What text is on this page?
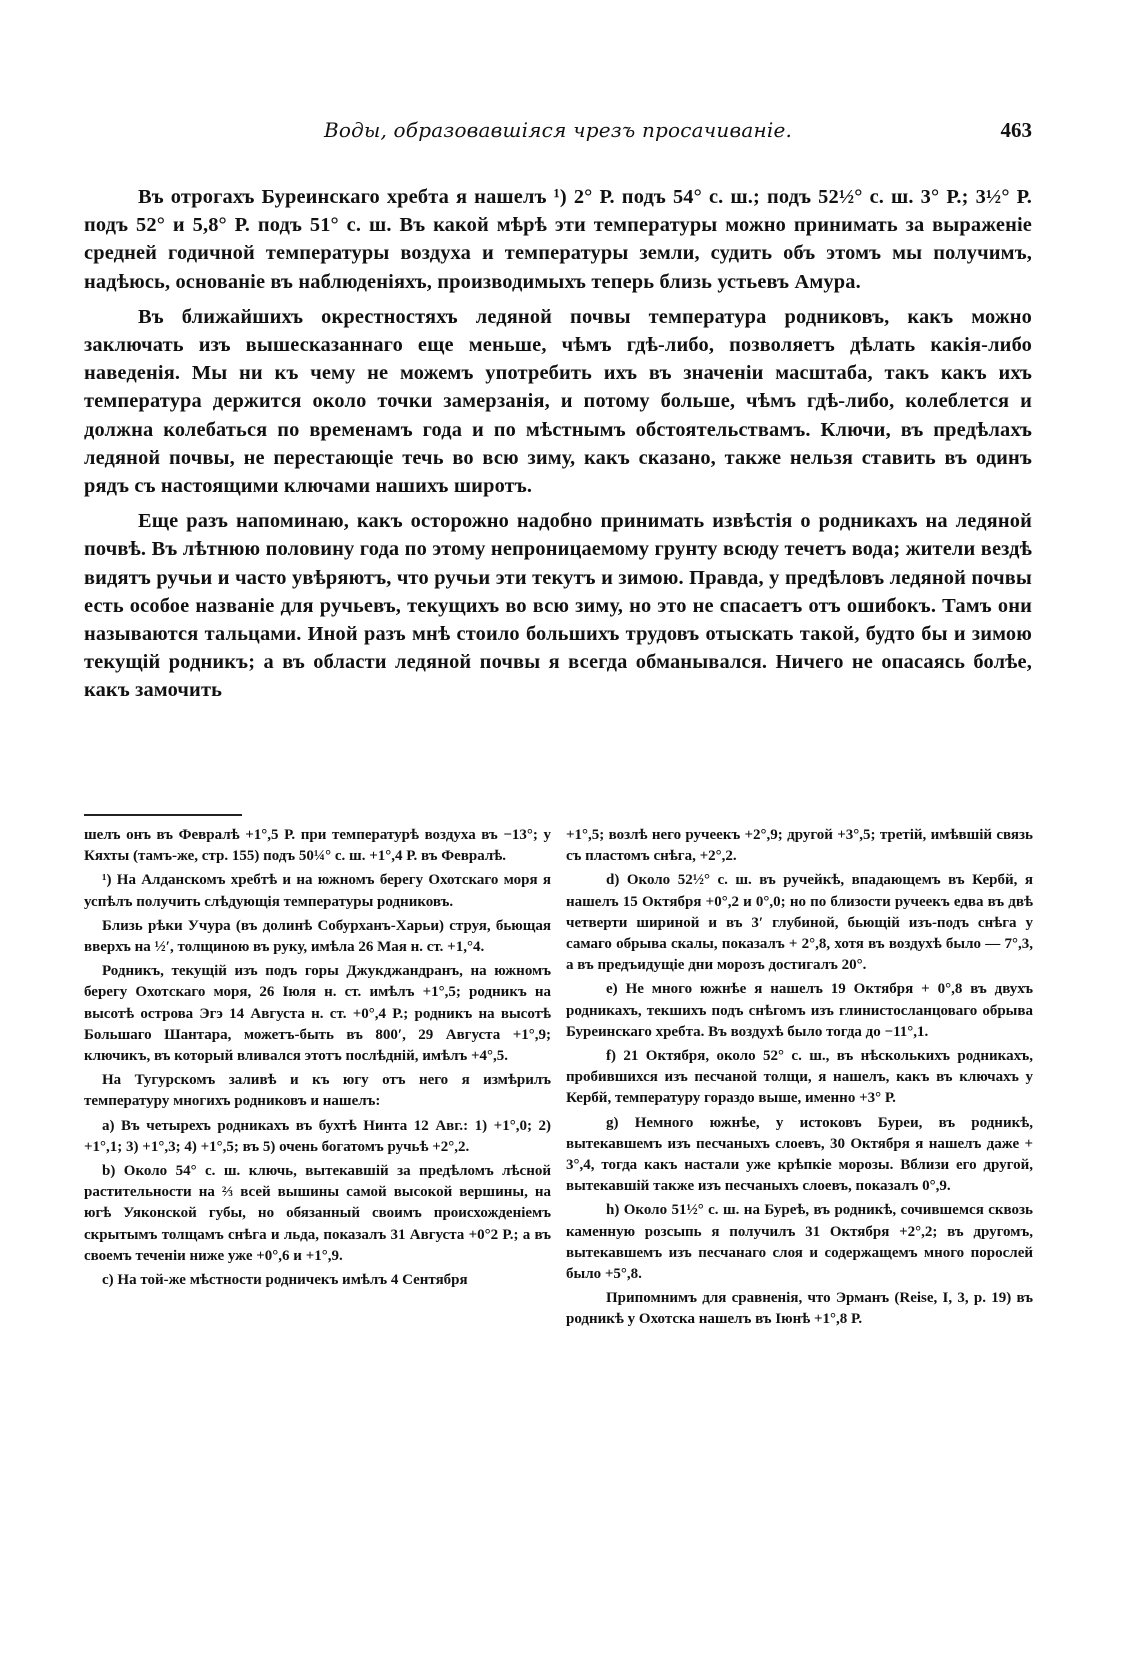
Воды, образовавшіяся чрезъ просачиваніе.	463

Въ отрогахъ Буреинскаго хребта я нашелъ ¹) 2° Р. подъ 54° с. ш.; подъ 52½° с. ш. 3° Р.; 3½° Р. подъ 52° и 5,8° Р. подъ 51° с. ш. Въ какой мѣрѣ эти температуры можно принимать за выраженіе средней годичной температуры воздуха и температуры земли, судить объ этомъ мы получимъ, надѣюсь, основаніе въ наблюденіяхъ, производимыхъ теперь близь устьевъ Амура.

Въ ближайшихъ окрестностяхъ ледяной почвы температура родниковъ, какъ можно заключать изъ вышесказаннаго еще меньше, чѣмъ гдѣ-либо, позволяетъ дѣлать какія-либо наведенія. Мы ни къ чему не можемъ употребить ихъ въ значеніи масштаба, такъ какъ ихъ температура держится около точки замерзанія, и потому больше, чѣмъ гдѣ-либо, колеблется и должна колебаться по временамъ года и по мѣстнымъ обстоятельствамъ. Ключи, въ предѣлахъ ледяной почвы, не перестающіе течь во всю зиму, какъ сказано, также нельзя ставить въ одинъ рядъ съ настоящими ключами нашихъ широтъ.

Еще разъ напоминаю, какъ осторожно надобно принимать извѣстія о родникахъ на ледяной почвѣ. Въ лѣтнюю половину года по этому непроницаемому грунту всюду течетъ вода; жители вездѣ видятъ ручьи и часто увѣряютъ, что ручьи эти текутъ и зимою. Правда, у предѣловъ ледяной почвы есть особое названіе для ручьевъ, текущихъ во всю зиму, но это не спасаетъ отъ ошибокъ. Тамъ они называются тальцами. Иной разъ мнѣ стоило большихъ трудовъ отыскать такой, будто бы и зимою текущій родникъ; а въ области ледяной почвы я всегда обманывался. Ничего не опасаясь болѣе, какъ замочить

шелъ онъ въ Февралѣ +1°,5 Р. при температурѣ воздуха въ −13°; у Кяхты (тамъ-же, стр. 155) подъ 50¼° с. ш. +1°,4 Р. въ Февралѣ.

¹) На Алданскомъ хребтѣ и на южномъ берегу Охотскаго моря я успѣлъ получить слѣдующія температуры родниковъ.

Близь рѣки Учура (въ долинѣ Собурханъ-Харьи) струя, бьющая вверхъ на ½′, толщиною въ руку, имѣла 26 Мая н. ст. +1,°4.

Родникъ, текущій изъ подъ горы Джукджандранъ, на южномъ берегу Охотскаго моря, 26 Іюля н. ст. имѣлъ +1°,5; родникъ на высотѣ острова Эгэ 14 Августа н. ст. +0°,4 Р.; родникъ на высотѣ Большаго Шантара, можетъ-быть въ 800′, 29 Августа +1°,9; ключикъ, въ который вливался этотъ послѣдній, имѣлъ +4°,5.

На Тугурскомъ заливѣ и къ югу отъ него я измѣрилъ температуру многихъ родниковъ и нашелъ:

a) Въ четырехъ родникахъ въ бухтѣ Нинта 12 Авг.: 1) +1°,0; 2) +1°,1; 3) +1°,3; 4) +1°,5; въ 5) очень богатомъ ручьѣ +2°,2.

b) Около 54° с. ш. ключь, вытекавшій за предѣломъ лѣсной растительности на ⅔ всей вышины самой высокой вершины, на югѣ Уяконской губы, но обязанный своимъ происхожденіемъ скрытымъ толщамъ снѣга и льда, показалъ 31 Августа +0°2 Р.; а въ своемъ теченіи ниже уже +0°,6 и +1°,9.

c) На той-же мѣстности родничекъ имѣлъ 4 Сентября

+1°,5; возлѣ него ручеекъ +2°,9; другой +3°,5; третій, имѣвшій связь съ пластомъ снѣга, +2°,2.

d) Около 52½° с. ш. въ ручейкѣ, впадающемъ въ Кербй, я нашелъ 15 Октября +0°,2 и 0°,0; но по близости ручеекъ едва въ двѣ четверти шириной и въ 3′ глубиной, бьющій изъ-подъ снѣга у самаго обрыва скалы, показалъ + 2°,8, хотя въ воздухѣ было — 7°,3, а въ предъидущіе дни морозъ достигалъ 20°.

e) Не много южнѣе я нашелъ 19 Октября + 0°,8 въ двухъ родникахъ, текшихъ подъ снѣгомъ изъ глинистосланцоваго обрыва Буреинскаго хребта. Въ воздухѣ было тогда до −11°,1.

f) 21 Октября, около 52° с. ш., въ нѣсколькихъ родникахъ, пробившихся изъ песчаной толщи, я нашелъ, какъ въ ключахъ у Кербй, температуру гораздо выше, именно +3° Р.

g) Немного южнѣе, у истоковъ Буреи, въ родникѣ, вытекавшемъ изъ песчаныхъ слоевъ, 30 Октября я нашелъ даже + 3°,4, тогда какъ настали уже крѣпкіе морозы. Вблизи его другой, вытекавшій также изъ песчаныхъ слоевъ, показалъ 0°,9.

h) Около 51½° с. ш. на Буреѣ, въ родникѣ, сочившемся сквозь каменную розсыпь я получилъ 31 Октября +2°,2; въ другомъ, вытекавшемъ изъ песчанаго слоя и содержащемъ много порослей было +5°,8.

Припомнимъ для сравненія, что Эрманъ (Reise, I, 3, p. 19) въ родникѣ у Охотска нашелъ въ Іюнѣ +1°,8 Р.
